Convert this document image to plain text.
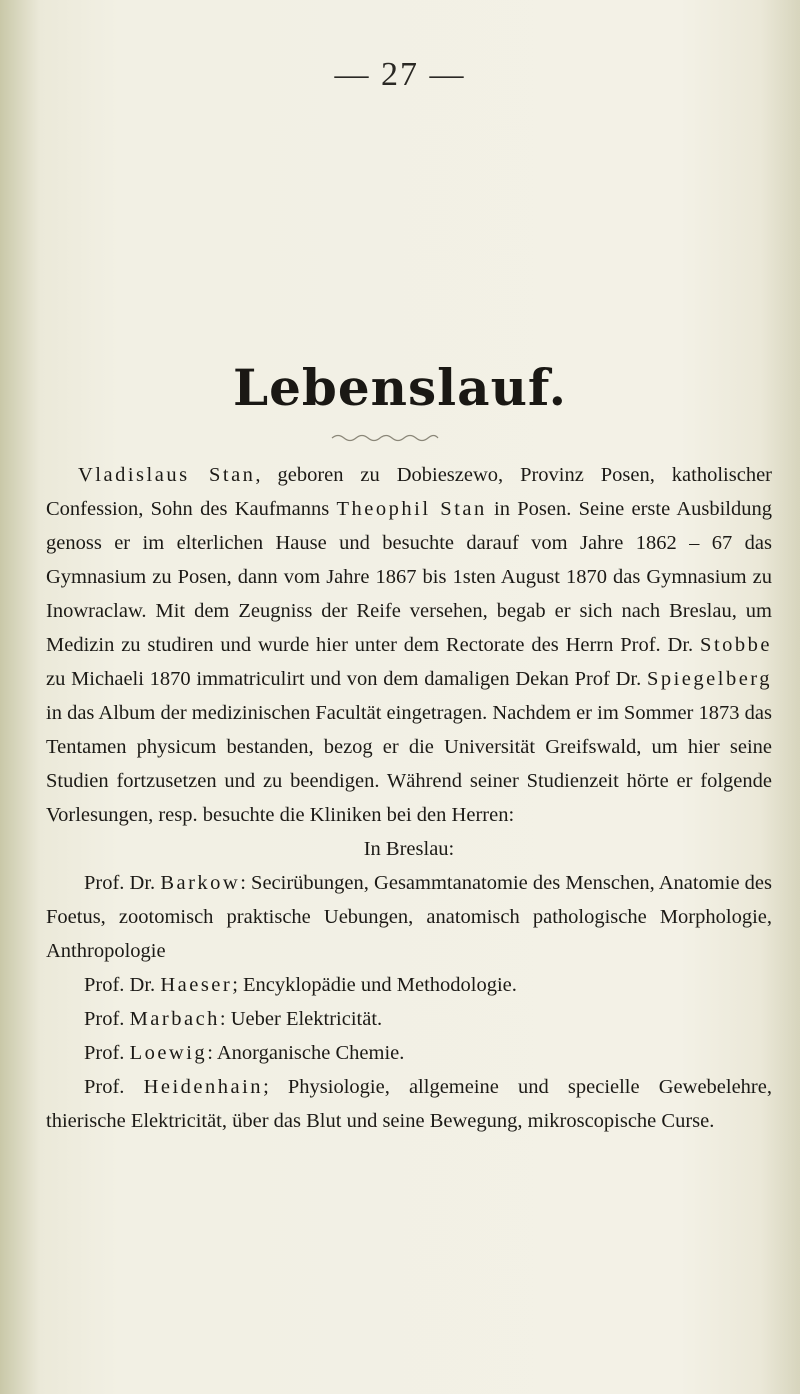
— 27 —
Lebenslauf.

Vladislaus Stan, geboren zu Dobieszewo, Provinz Posen, katholischer Confession, Sohn des Kaufmanns Theophil Stan in Posen. Seine erste Ausbildung genoss er im elterlichen Hause und besuchte darauf vom Jahre 1862 – 67 das Gymnasium zu Posen, dann vom Jahre 1867 bis 1sten August 1870 das Gymnasium zu Inowraclaw. Mit dem Zeugniss der Reife versehen, begab er sich nach Breslau, um Medizin zu studiren und wurde hier unter dem Rectorate des Herrn Prof. Dr. Stobbe zu Michaeli 1870 immatriculirt und von dem damaligen Dekan Prof Dr. Spiegelberg in das Album der medizinischen Facultät eingetragen. Nachdem er im Sommer 1873 das Tentamen physicum bestanden, bezog er die Universität Greifswald, um hier seine Studien fortzusetzen und zu beendigen. Während seiner Studienzeit hörte er folgende Vorlesungen, resp. besuchte die Kliniken bei den Herren:

In Breslau:

Prof. Dr. Barkow: Secirübungen, Gesammtanatomie des Menschen, Anatomie des Foetus, zootomisch praktische Uebungen, anatomisch pathologische Morphologie, Anthropologie

Prof. Dr. Haeser; Encyklopädie und Methodologie.

Prof. Marbach: Ueber Elektricität.

Prof. Loewig: Anorganische Chemie.

Prof. Heidenhain; Physiologie, allgemeine und specielle Gewebelehre, thierische Elektricität, über das Blut und seine Bewegung, mikroscopische Curse.
